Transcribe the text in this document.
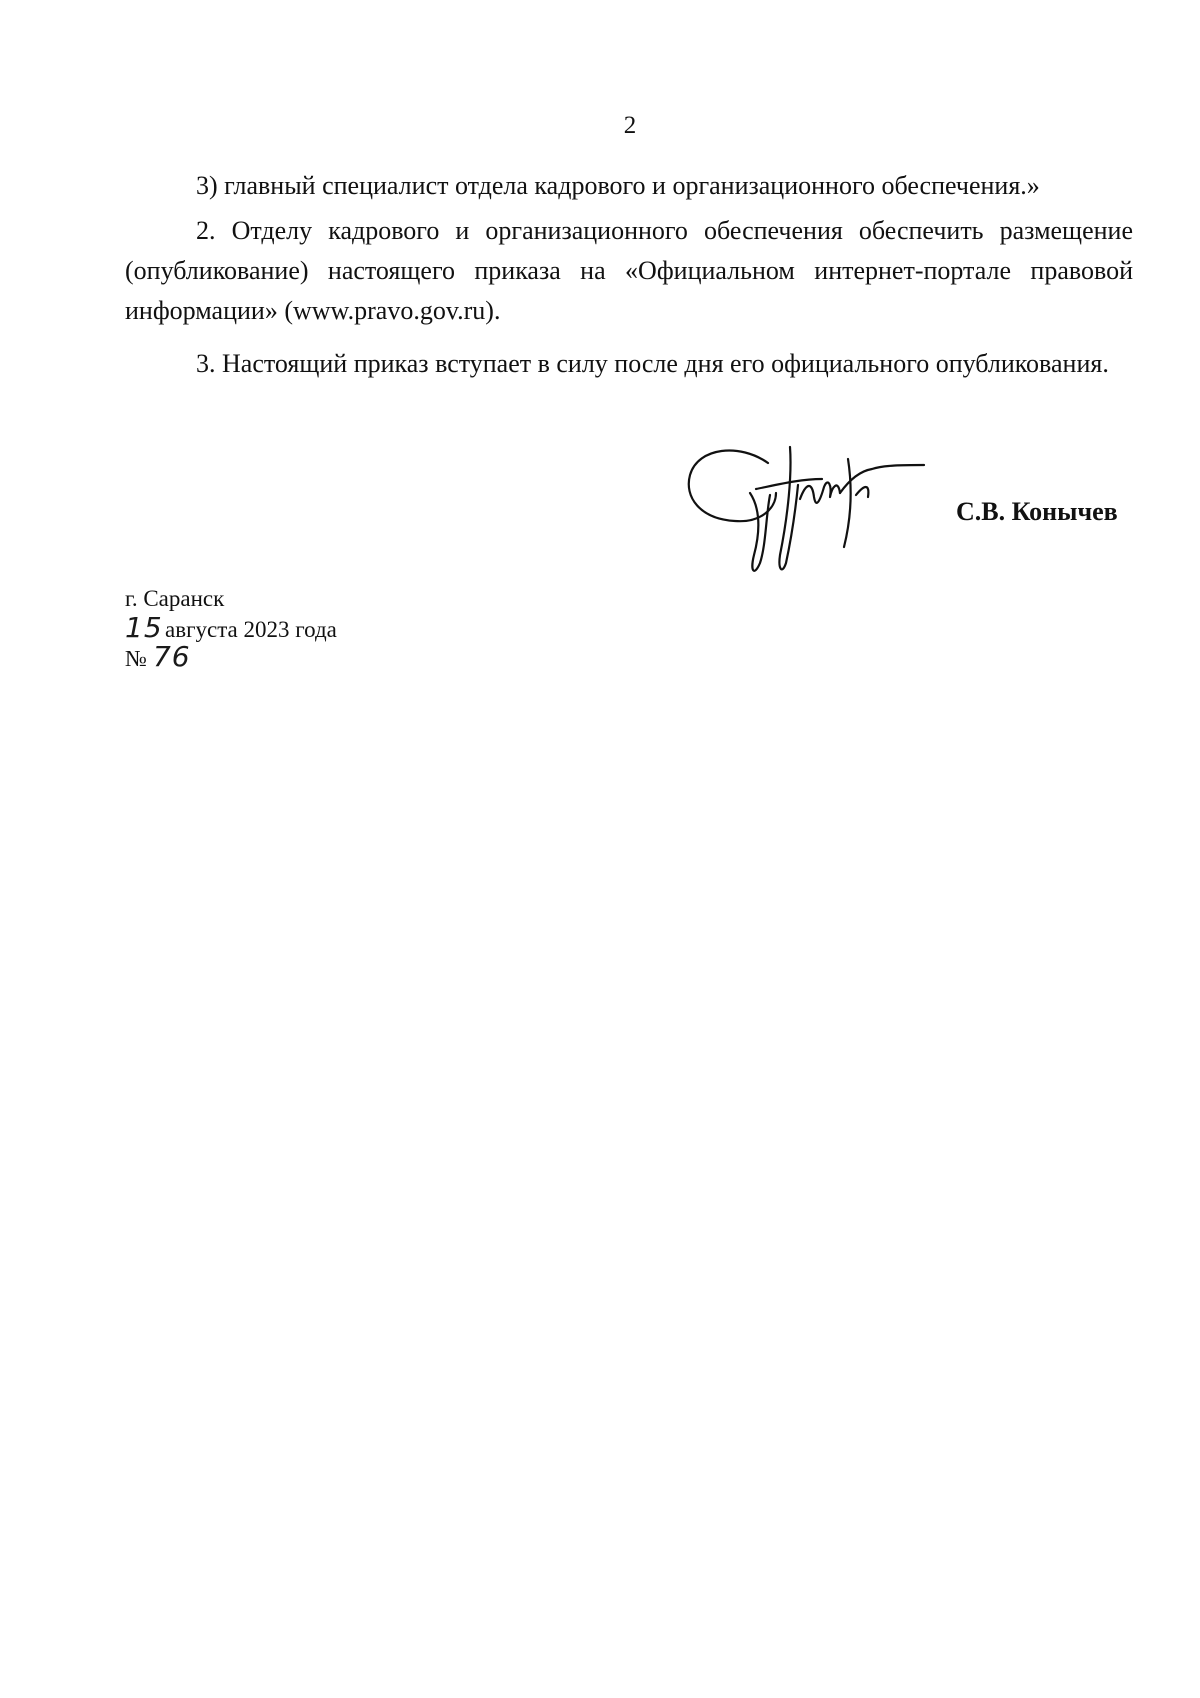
2

3) главный специалист отдела кадрового и организационного обеспечения.»

2. Отделу кадрового и организационного обеспечения обеспечить размещение (опубликование) настоящего приказа на «Официальном интернет-портале правовой информации» (www.pravo.gov.ru).

3. Настоящий приказ вступает в силу после дня его официального опубликования.

С.В. Конычев
г. Саранск
15 августа 2023 года
№ 76
